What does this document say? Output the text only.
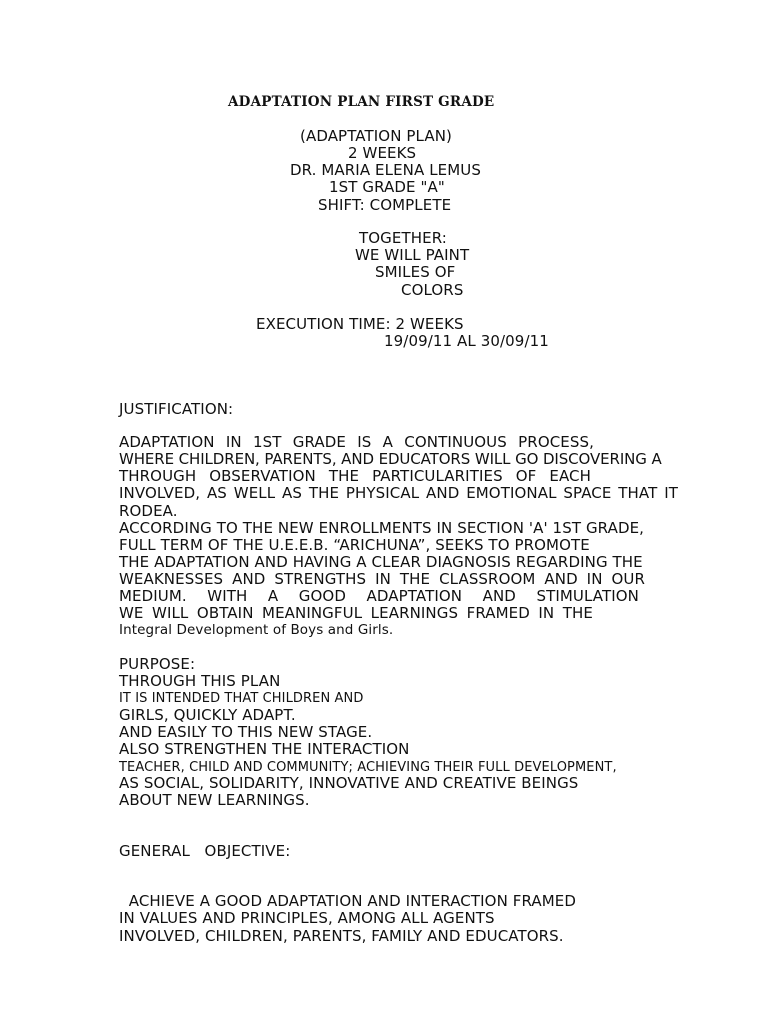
ADAPTATION PLAN FIRST GRADE
(ADAPTATION PLAN)
2 WEEKS
DR. MARIA ELENA LEMUS
1ST GRADE "A"
SHIFT: COMPLETE
TOGETHER:
WE WILL PAINT
SMILES OF
COLORS
EXECUTION TIME: 2 WEEKS
19/09/11 AL 30/09/11
JUSTIFICATION:
ADAPTATION IN 1ST GRADE IS A CONTINUOUS PROCESS,
WHERE CHILDREN, PARENTS, AND EDUCATORS WILL GO DISCOVERING A
THROUGH OBSERVATION THE PARTICULARITIES OF EACH
INVOLVED, AS WELL AS THE PHYSICAL AND EMOTIONAL SPACE THAT IT
RODEA.
ACCORDING TO THE NEW ENROLLMENTS IN SECTION 'A' 1ST GRADE,
FULL TERM OF THE U.E.E.B. “ARICHUNA”, SEEKS TO PROMOTE
THE ADAPTATION AND HAVING A CLEAR DIAGNOSIS REGARDING THE
WEAKNESSES AND STRENGTHS IN THE CLASSROOM AND IN OUR
MEDIUM. WITH A GOOD ADAPTATION AND STIMULATION
WE WILL OBTAIN MEANINGFUL LEARNINGS FRAMED IN THE
Integral Development of Boys and Girls.
PURPOSE:
THROUGH THIS PLAN
IT IS INTENDED THAT CHILDREN AND
GIRLS, QUICKLY ADAPT.
AND EASILY TO THIS NEW STAGE.
ALSO STRENGTHEN THE INTERACTION
TEACHER, CHILD AND COMMUNITY; ACHIEVING THEIR FULL DEVELOPMENT,
AS SOCIAL, SOLIDARITY, INNOVATIVE AND CREATIVE BEINGS
ABOUT NEW LEARNINGS.
GENERAL   OBJECTIVE:
ACHIEVE A GOOD ADAPTATION AND INTERACTION FRAMED
IN VALUES AND PRINCIPLES, AMONG ALL AGENTS
INVOLVED, CHILDREN, PARENTS, FAMILY AND EDUCATORS.
